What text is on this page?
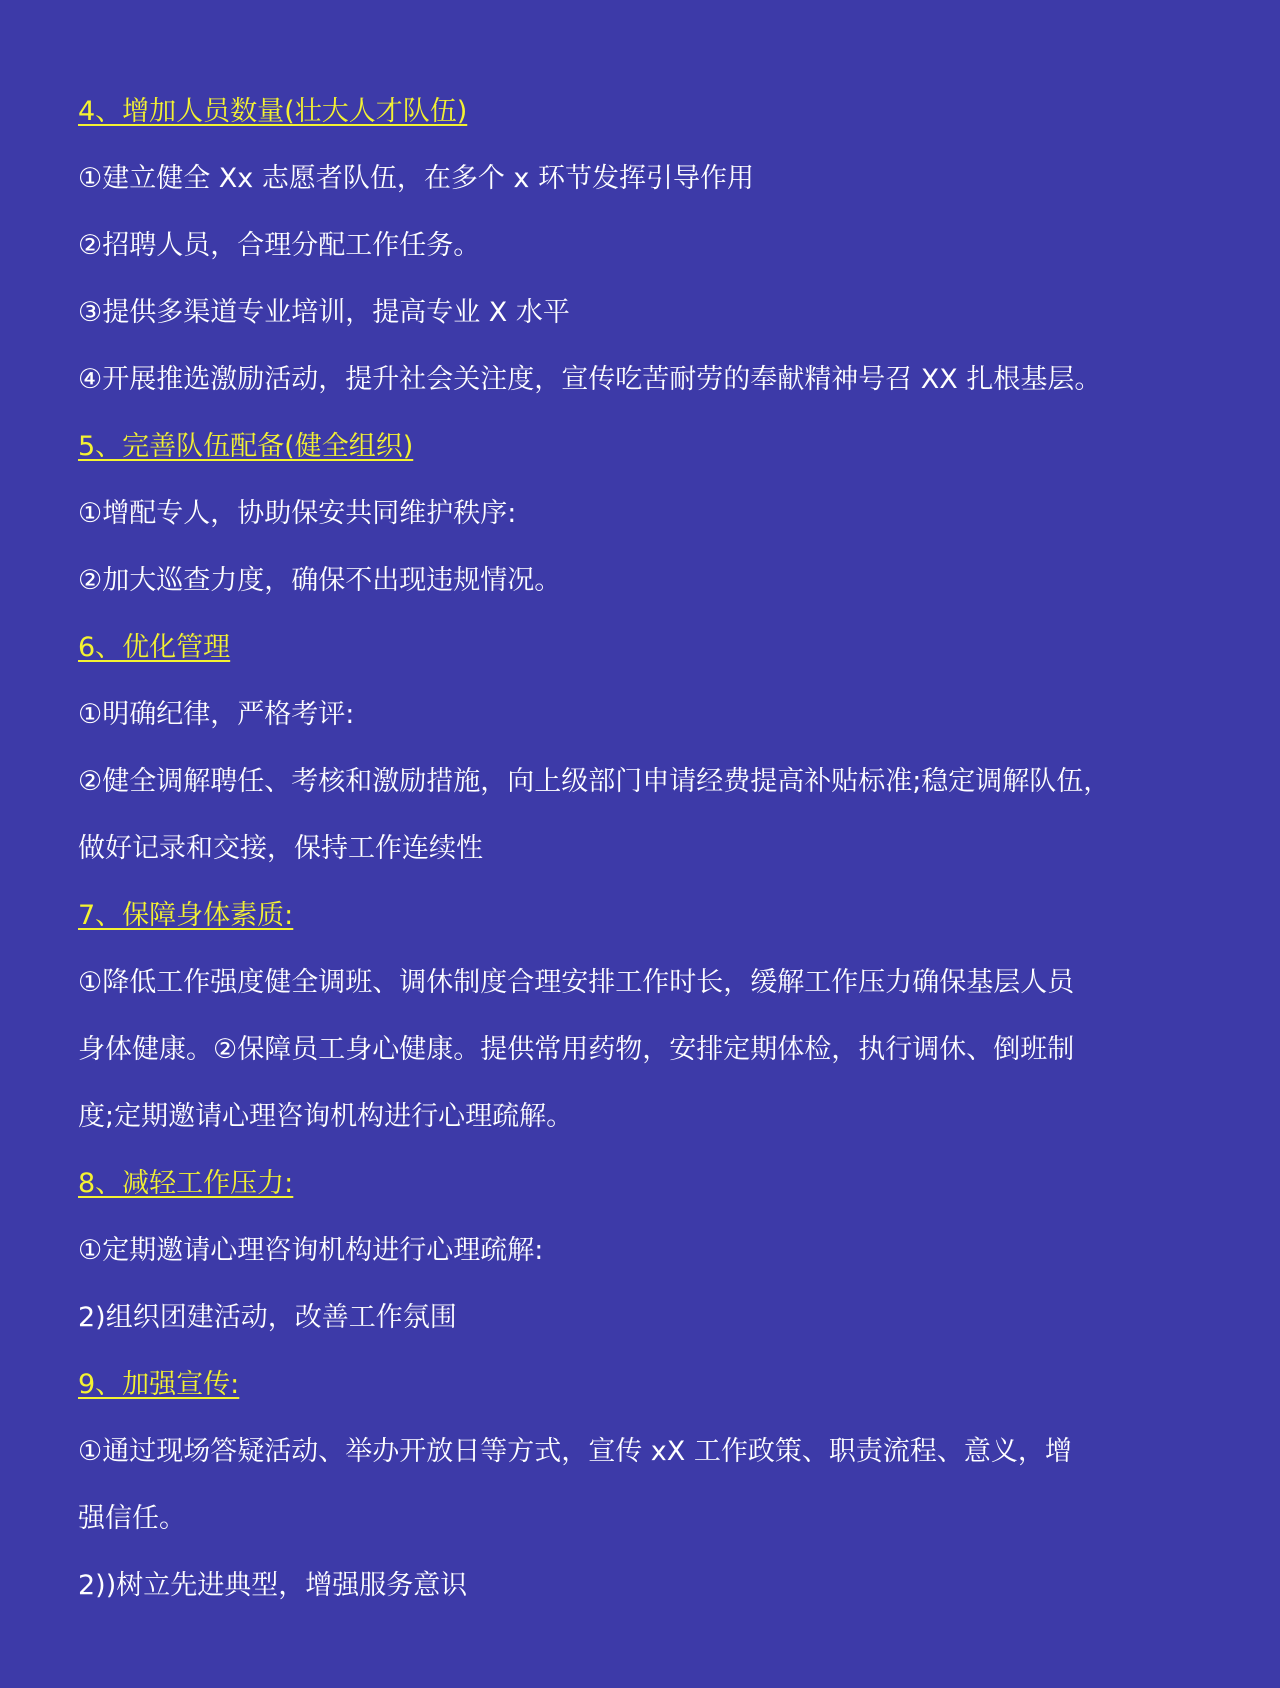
4、增加人员数量(壮大人才队伍)
①建立健全 Xx 志愿者队伍，在多个 x 环节发挥引导作用
②招聘人员，合理分配工作任务。
③提供多渠道专业培训，提高专业 X 水平
④开展推选激励活动，提升社会关注度，宣传吃苦耐劳的奉献精神号召 XX 扎根基层。
5、完善队伍配备(健全组织)
①增配专人，协助保安共同维护秩序:
②加大巡查力度，确保不出现违规情况。
6、优化管理
①明确纪律，严格考评:
②健全调解聘任、考核和激励措施，向上级部门申请经费提高补贴标准;稳定调解队伍，
做好记录和交接，保持工作连续性
7、保障身体素质:
①降低工作强度健全调班、调休制度合理安排工作时长，缓解工作压力确保基层人员
身体健康。②保障员工身心健康。提供常用药物，安排定期体检，执行调休、倒班制
度;定期邀请心理咨询机构进行心理疏解。
8、减轻工作压力:
①定期邀请心理咨询机构进行心理疏解:
2)组织团建活动，改善工作氛围
9、加强宣传:
①通过现场答疑活动、举办开放日等方式，宣传 xX 工作政策、职责流程、意义，增
强信任。
2))树立先进典型，增强服务意识
